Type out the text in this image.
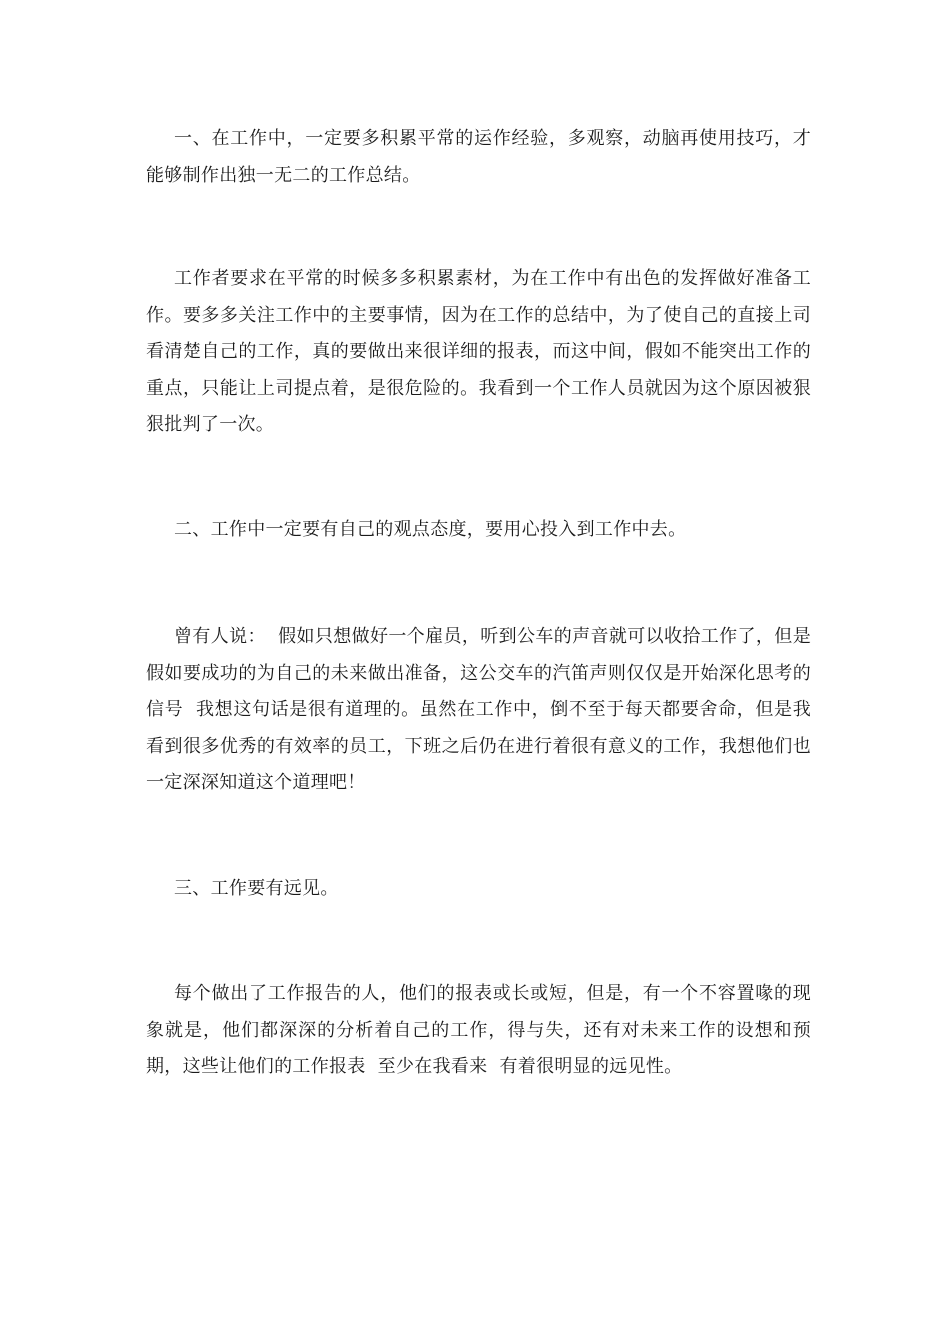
一、在工作中，一定要多积累平常的运作经验，多观察，动脑再使用技巧，才能够制作出独一无二的工作总结。

工作者要求在平常的时候多多积累素材，为在工作中有出色的发挥做好准备工作。要多多关注工作中的主要事情，因为在工作的总结中，为了使自己的直接上司看清楚自己的工作，真的要做出来很详细的报表，而这中间，假如不能突出工作的重点，只能让上司提点着，是很危险的。我看到一个工作人员就因为这个原因被狠狠批判了一次。

二、工作中一定要有自己的观点态度，要用心投入到工作中去。

曾有人说：  假如只想做好一个雇员，听到公车的声音就可以收拾工作了，但是假如要成功的为自己的未来做出准备，这公交车的汽笛声则仅仅是开始深化思考的信号  我想这句话是很有道理的。虽然在工作中，倒不至于每天都要舍命，但是我看到很多优秀的有效率的员工，下班之后仍在进行着很有意义的工作，我想他们也一定深深知道这个道理吧！

三、工作要有远见。

每个做出了工作报告的人，他们的报表或长或短，但是，有一个不容置喙的现象就是，他们都深深的分析着自己的工作，得与失，还有对未来工作的设想和预期，这些让他们的工作报表  至少在我看来  有着很明显的远见性。
